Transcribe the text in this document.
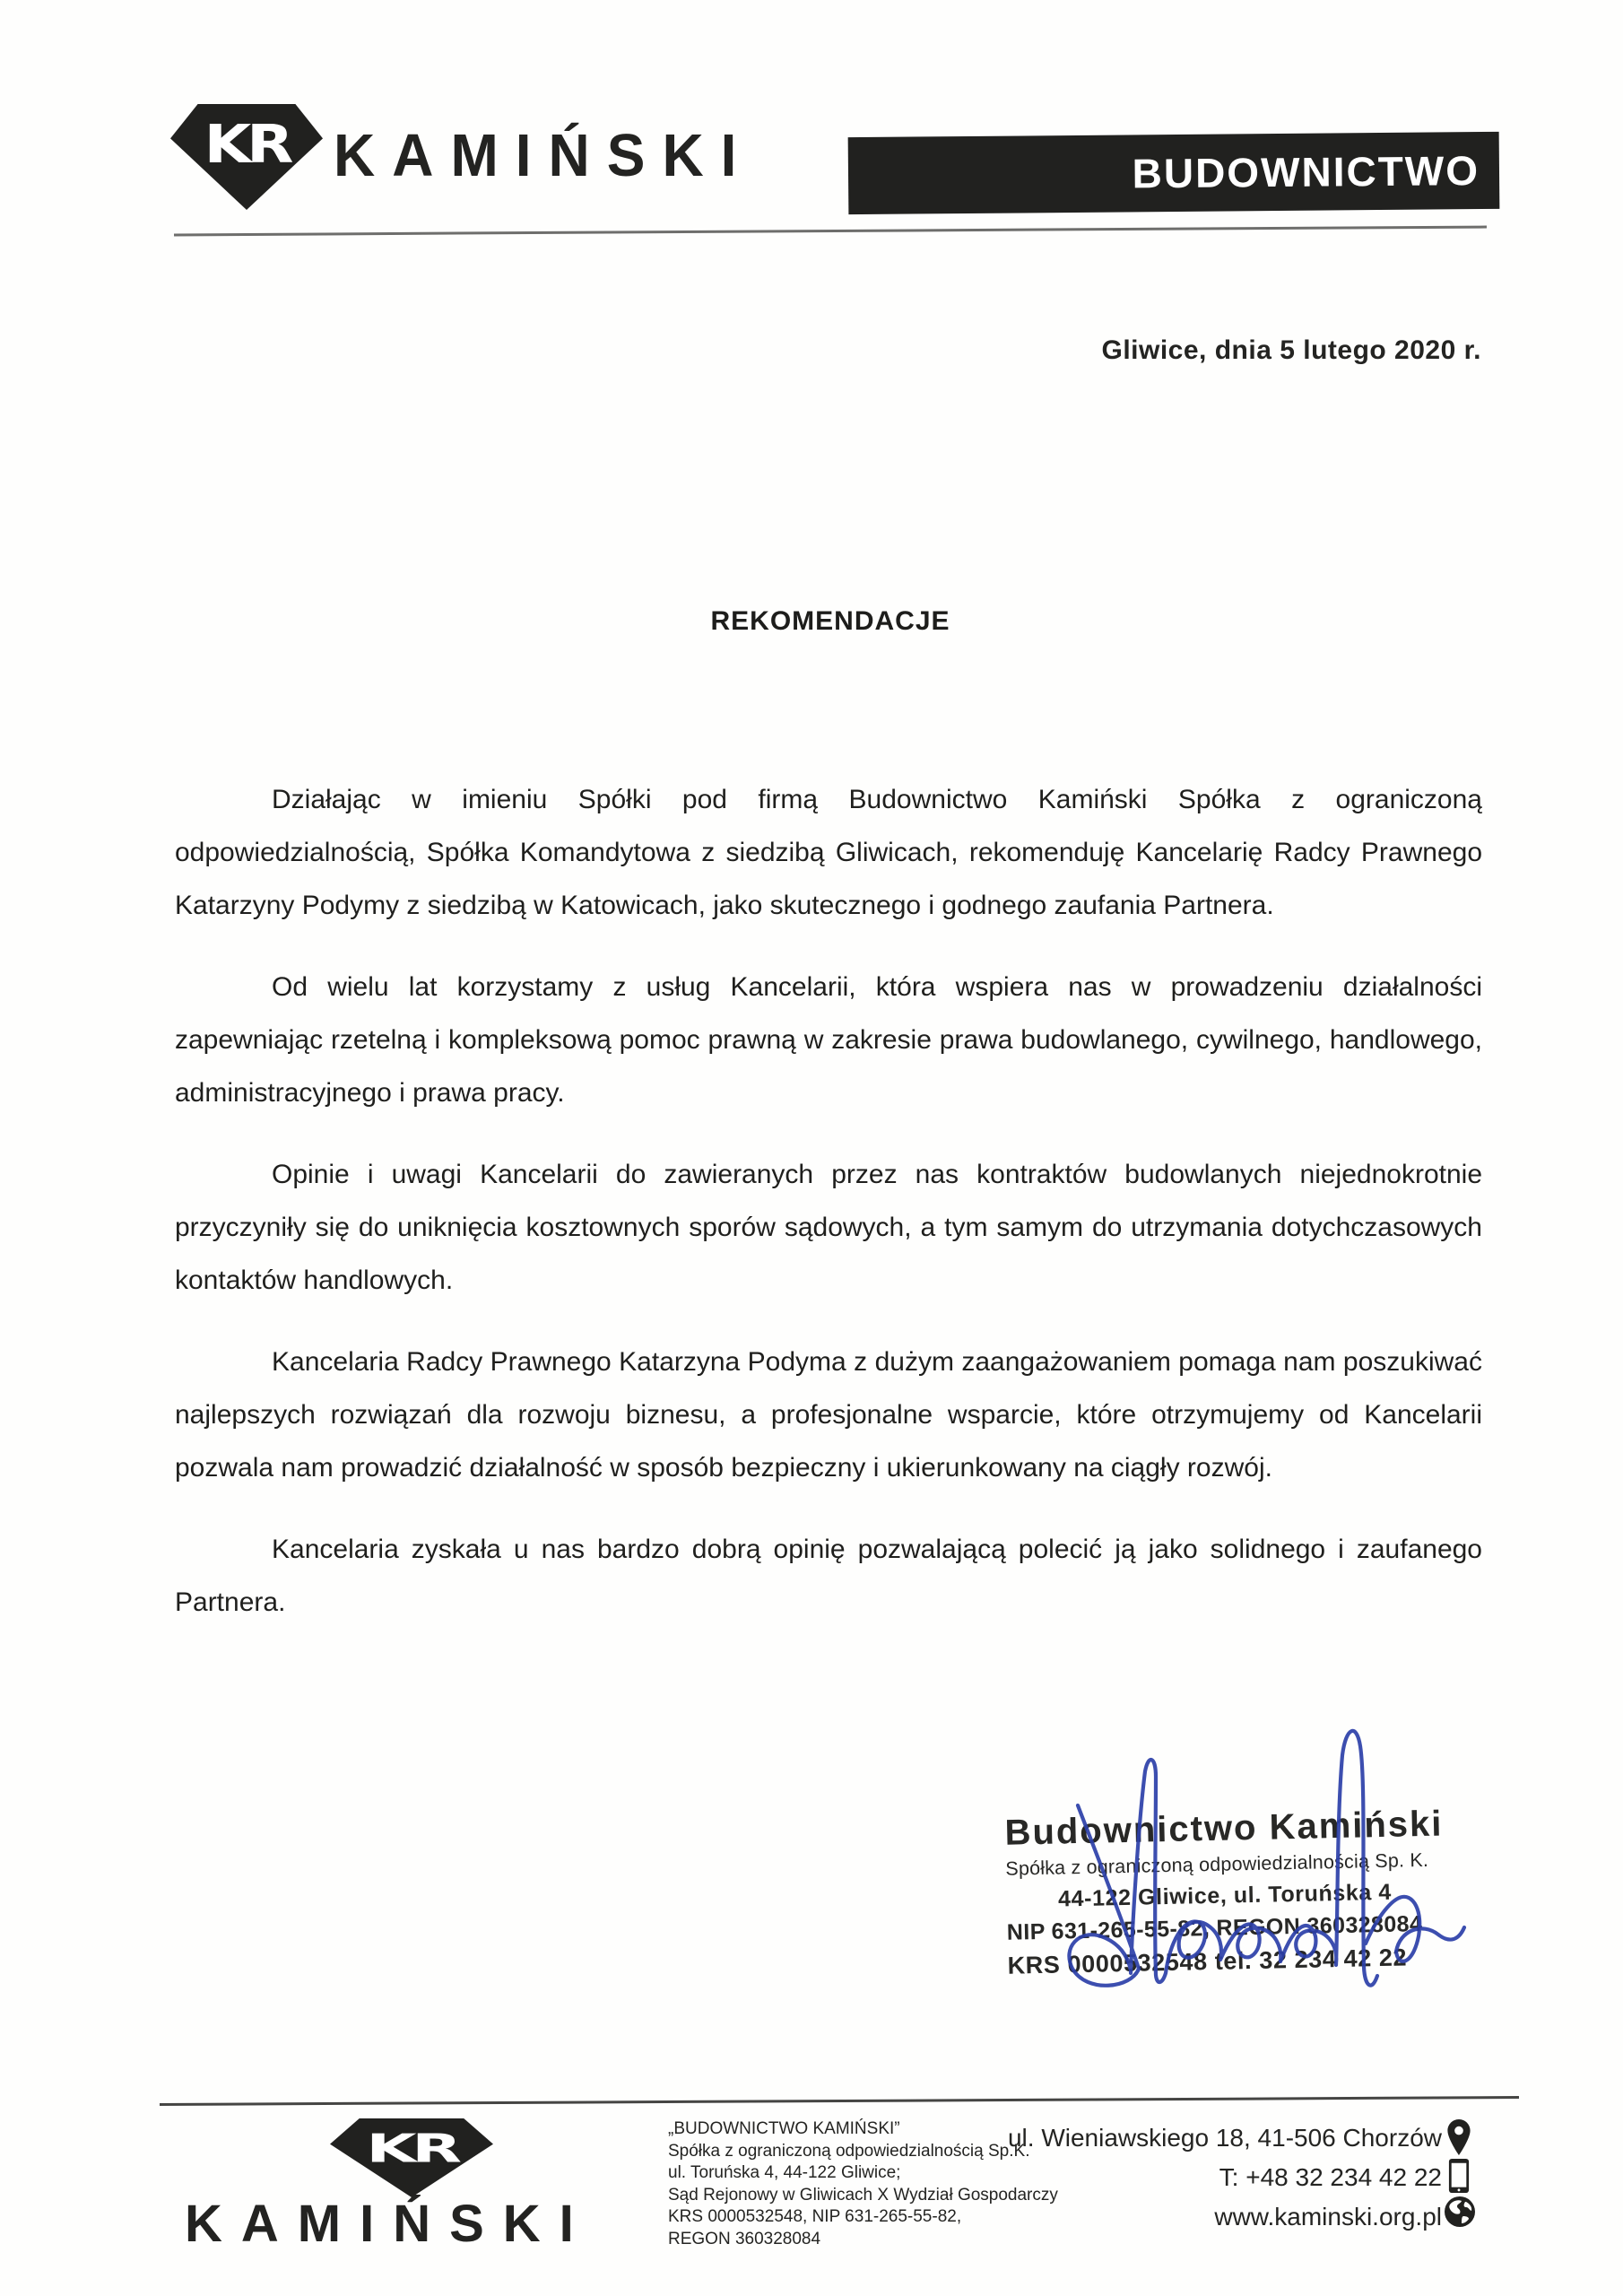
KR KAMIŃSKI	BUDOWNICTWO
Gliwice, dnia 5 lutego 2020 r.
REKOMENDACJE

Działając w imieniu Spółki pod firmą Budownictwo Kamiński Spółka z ograniczoną odpowiedzialnością, Spółka Komandytowa z siedzibą Gliwicach, rekomenduję Kancelarię Radcy Prawnego Katarzyny Podymy z siedzibą w Katowicach, jako skutecznego i godnego zaufania Partnera.

Od wielu lat korzystamy z usług Kancelarii, która wspiera nas w prowadzeniu działalności zapewniając rzetelną i kompleksową pomoc prawną w zakresie prawa budowlanego, cywilnego, handlowego, administracyjnego i prawa pracy.

Opinie i uwagi Kancelarii do zawieranych przez nas kontraktów budowlanych niejednokrotnie przyczyniły się do uniknięcia kosztownych sporów sądowych, a tym samym do utrzymania dotychczasowych kontaktów handlowych.

Kancelaria Radcy Prawnego Katarzyna Podyma z dużym zaangażowaniem pomaga nam poszukiwać najlepszych rozwiązań dla rozwoju biznesu, a profesjonalne wsparcie, które otrzymujemy od Kancelarii pozwala nam prowadzić działalność w sposób bezpieczny i ukierunkowany na ciągły rozwój.

Kancelaria zyskała u nas bardzo dobrą opinię pozwalającą polecić ją jako solidnego i zaufanego Partnera.

Budownictwo Kamiński
Spółka z ograniczoną odpowiedzialnością Sp. K.
44-122 Gliwice, ul. Toruńska 4
NIP 631-265-55-82, REGON 360328084
KRS 0000532548 tel. 32 234 42 22
KR
KAMIŃSKI
„BUDOWNICTWO KAMIŃSKI”
Spółka z ograniczoną odpowiedzialnością Sp.K.
ul. Toruńska 4, 44-122 Gliwice;
Sąd Rejonowy w Gliwicach X Wydział Gospodarczy
KRS 0000532548, NIP 631-265-55-82,
REGON 360328084
ul. Wieniawskiego 18, 41-506 Chorzów
T: +48 32 234 42 22
www.kaminski.org.pl
